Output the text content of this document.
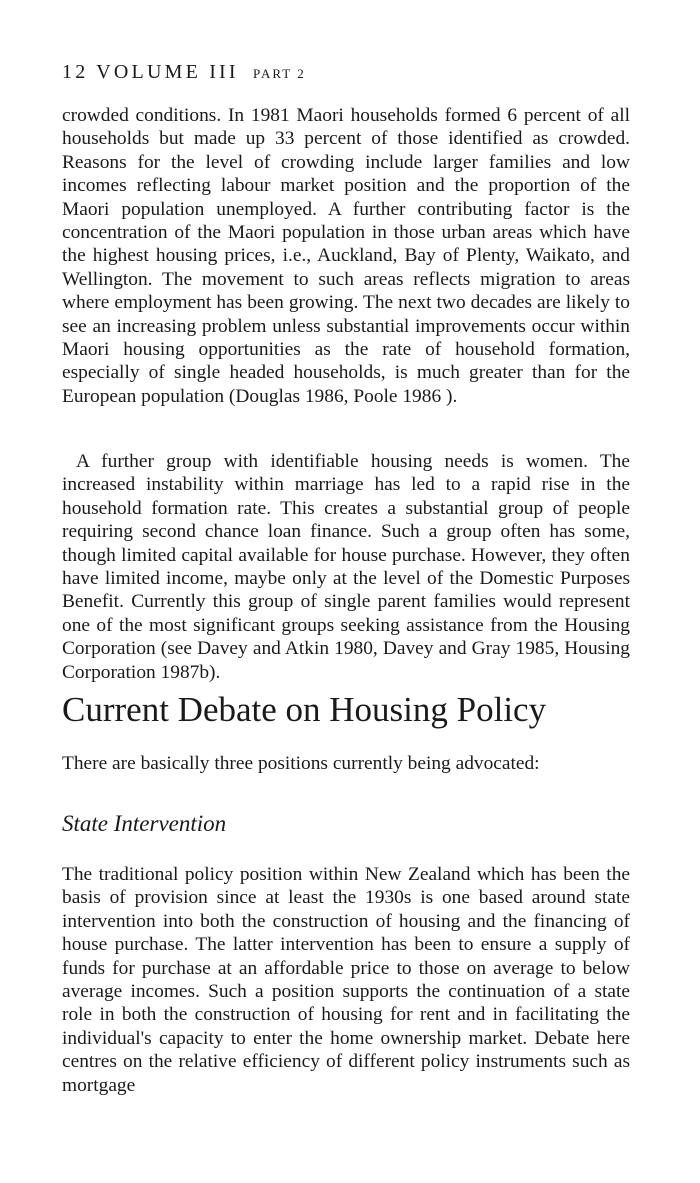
12 VOLUME III PART 2

crowded conditions. In 1981 Maori households formed 6 percent of all households but made up 33 percent of those identified as crowded. Reasons for the level of crowding include larger families and low incomes reflecting labour market position and the proportion of the Maori population unemployed. A further contributing factor is the concentration of the Maori population in those urban areas which have the highest housing prices, i.e., Auckland, Bay of Plenty, Waikato, and Wellington. The movement to such areas reflects migration to areas where employment has been growing. The next two decades are likely to see an increasing problem unless substantial improvements occur within Maori housing opportunities as the rate of household formation, especially of single headed households, is much greater than for the European population (Douglas 1986, Poole 1986 ).

A further group with identifiable housing needs is women. The increased instability within marriage has led to a rapid rise in the household formation rate. This creates a substantial group of people requiring second chance loan finance. Such a group often has some, though limited capital available for house purchase. However, they often have limited income, maybe only at the level of the Domestic Purposes Benefit. Currently this group of single parent families would represent one of the most significant groups seeking assistance from the Housing Corporation (see Davey and Atkin 1980, Davey and Gray 1985, Housing Corporation 1987b).

Current Debate on Housing Policy
There are basically three positions currently being advocated:
State Intervention

The traditional policy position within New Zealand which has been the basis of provision since at least the 1930s is one based around state intervention into both the construction of housing and the financing of house purchase. The latter intervention has been to ensure a supply of funds for purchase at an affordable price to those on average to below average incomes. Such a position supports the continuation of a state role in both the construction of housing for rent and in facilitating the individual's capacity to enter the home ownership market. Debate here centres on the relative efficiency of different policy instruments such as mortgage
